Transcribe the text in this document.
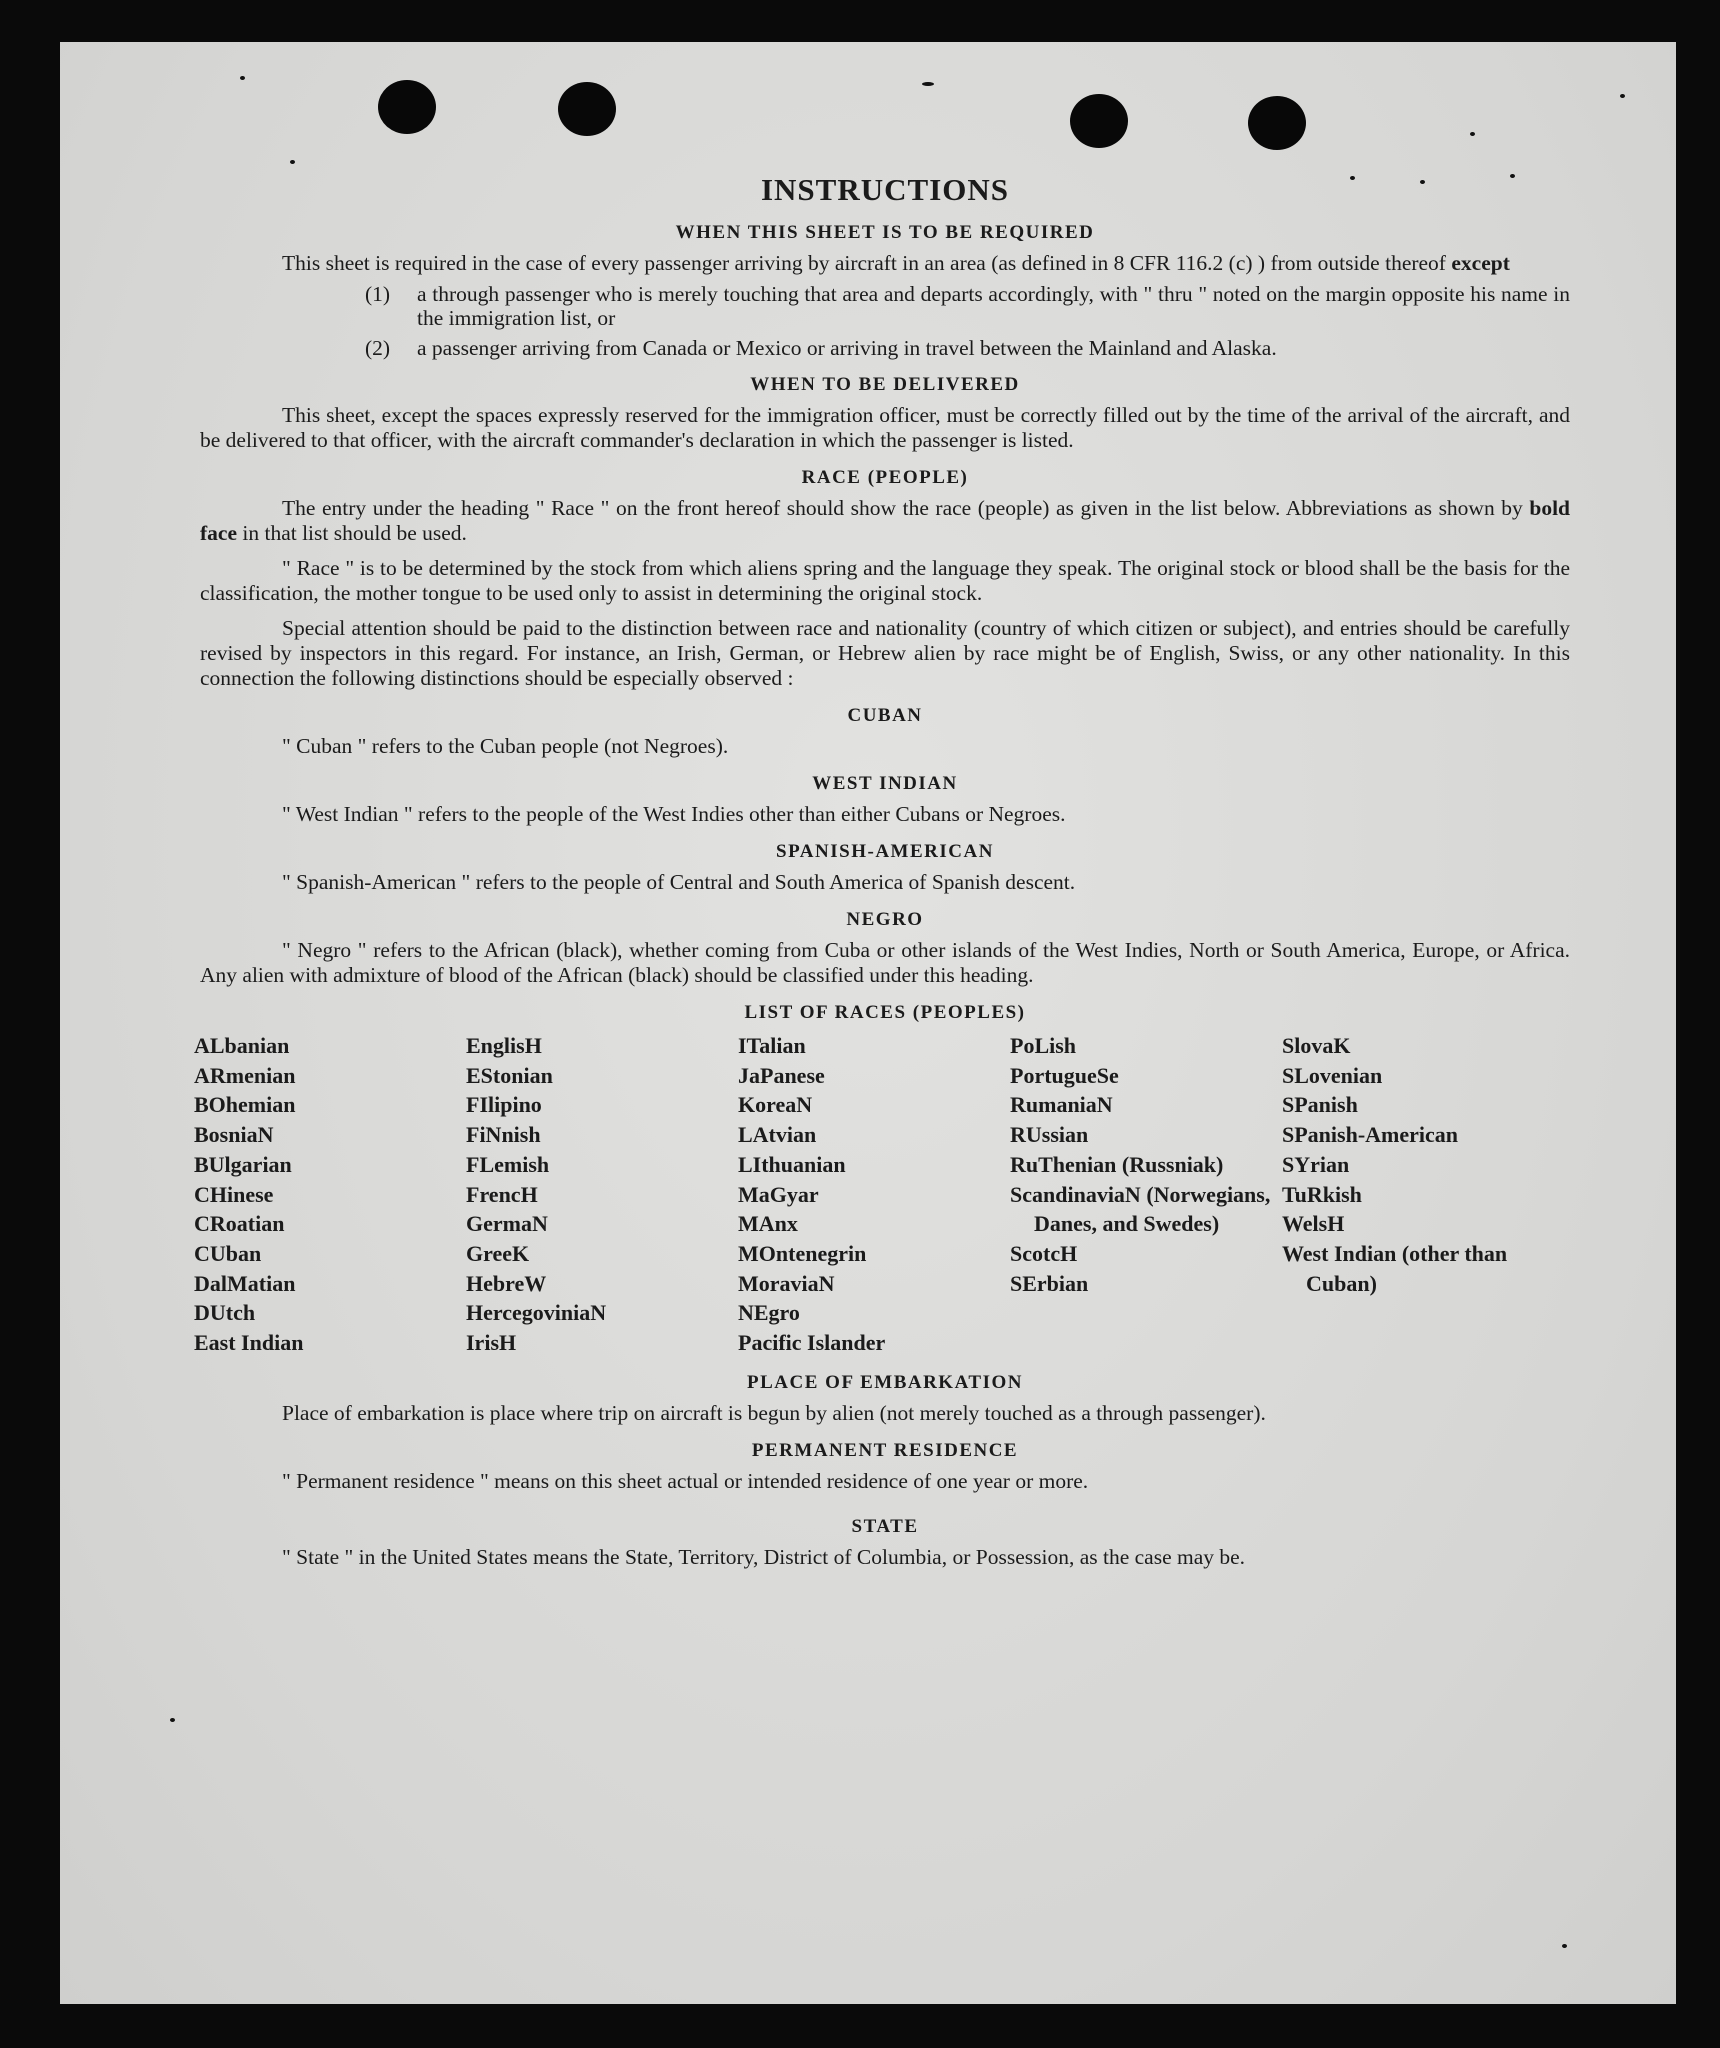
INSTRUCTIONS
WHEN THIS SHEET IS TO BE REQUIRED

This sheet is required in the case of every passenger arriving by aircraft in an area (as defined in 8 CFR 116.2 (c) ) from outside thereof except

(1)	a through passenger who is merely touching that area and departs accordingly, with " thru " noted on the margin opposite his name in the immigration list, or
(2)	a passenger arriving from Canada or Mexico or arriving in travel between the Mainland and Alaska.
WHEN TO BE DELIVERED

This sheet, except the spaces expressly reserved for the immigration officer, must be correctly filled out by the time of the arrival of the aircraft, and be delivered to that officer, with the aircraft commander's declaration in which the passenger is listed.

RACE (PEOPLE)

The entry under the heading " Race " on the front hereof should show the race (people) as given in the list below. Abbreviations as shown by bold face in that list should be used.

" Race " is to be determined by the stock from which aliens spring and the language they speak. The original stock or blood shall be the basis for the classification, the mother tongue to be used only to assist in determining the original stock.

Special attention should be paid to the distinction between race and nationality (country of which citizen or subject), and entries should be carefully revised by inspectors in this regard. For instance, an Irish, German, or Hebrew alien by race might be of English, Swiss, or any other nationality. In this connection the following distinctions should be especially observed :

CUBAN

" Cuban " refers to the Cuban people (not Negroes).

WEST INDIAN

" West Indian " refers to the people of the West Indies other than either Cubans or Negroes.

SPANISH-AMERICAN

" Spanish-American " refers to the people of Central and South America of Spanish descent.

NEGRO

" Negro " refers to the African (black), whether coming from Cuba or other islands of the West Indies, North or South America, Europe, or Africa. Any alien with admixture of blood of the African (black) should be classified under this heading.

LIST OF RACES (PEOPLES)
ALbanian
ARmenian
BOhemian
BosniaN
BUlgarian
CHinese
CRoatian
CUban
DalMatian
DUtch
East Indian
EnglisH
EStonian
FIlipino
FiNnish
FLemish
FrencH
GermaN
GreeK
HebreW
HercegoviniaN
IrisH
ITalian
JaPanese
KoreaN
LAtvian
LIthuanian
MaGyar
MAnx
MOntenegrin
MoraviaN
NEgro
Pacific Islander
PoLish
PortugueSe
RumaniaN
RUssian
RuThenian (Russniak)
ScandinaviaN (Norwegians, Danes, and Swedes)
ScotcH
SErbian
SlovaK
SLovenian
SPanish
SPanish-American
SYrian
TuRkish
WelsH
West Indian (other than Cuban)
PLACE OF EMBARKATION

Place of embarkation is place where trip on aircraft is begun by alien (not merely touched as a through passenger).

PERMANENT RESIDENCE

" Permanent residence " means on this sheet actual or intended residence of one year or more.

STATE

" State " in the United States means the State, Territory, District of Columbia, or Possession, as the case may be.
